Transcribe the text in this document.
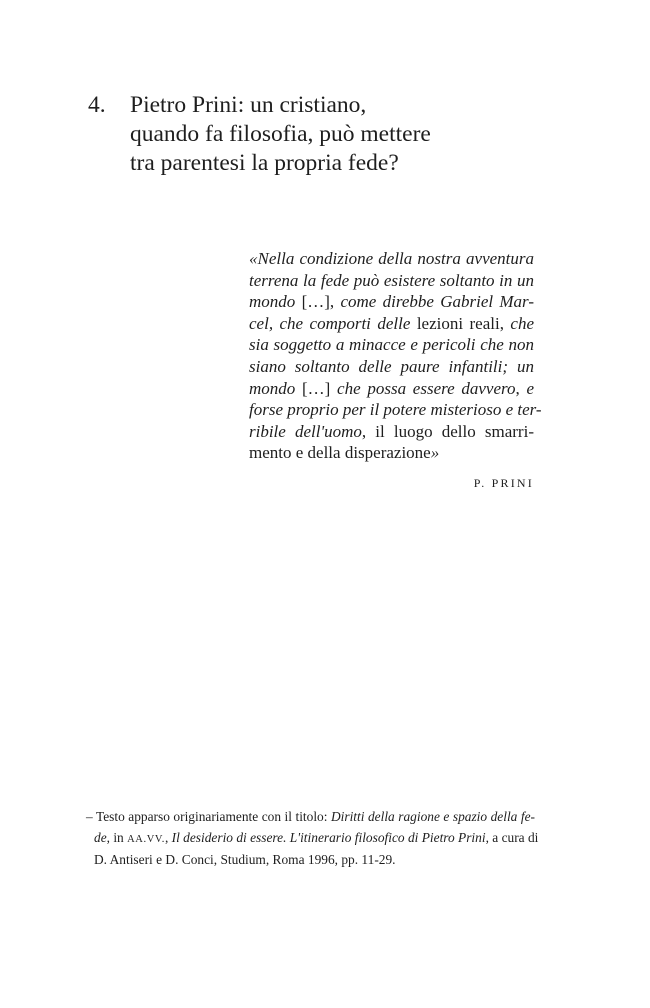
4. Pietro Prini: un cristiano,
quando fa filosofia, può mettere
tra parentesi la propria fede?
«Nella condizione della nostra avventura
terrena la fede può esistere soltanto in un
mondo […], come direbbe Gabriel Mar-
cel, che comporti delle lezioni reali, che
sia soggetto a minacce e pericoli che non
siano soltanto delle paure infantili; un
mondo […] che possa essere davvero, e
forse proprio per il potere misterioso e ter-
ribile dell'uomo, il luogo dello smarri-
mento e della disperazione»
P. PRINI
– Testo apparso originariamente con il titolo: Diritti della ragione e spazio della fe-
de, in AA.VV., Il desiderio di essere. L'itinerario filosofico di Pietro Prini, a cura di
D. Antiseri e D. Conci, Studium, Roma 1996, pp. 11-29.
